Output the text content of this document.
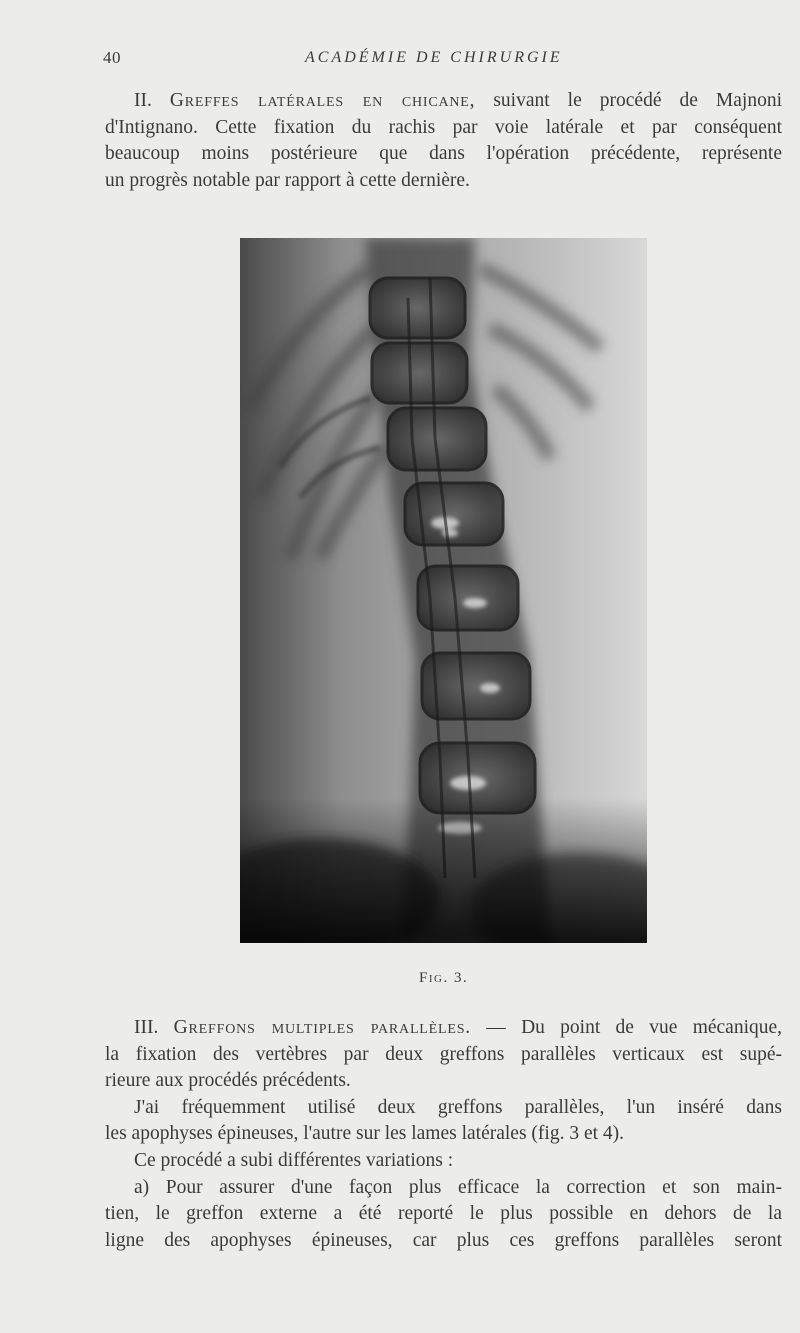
40	ACADÉMIE DE CHIRURGIE
II. Greffes latérales en chicane, suivant le procédé de Majnoni
d'Intignano. Cette fixation du rachis par voie latérale et par conséquent
beaucoup moins postérieure que dans l'opération précédente, représente
un progrès notable par rapport à cette dernière.
Fig. 3.
III. Greffons multiples parallèles. — Du point de vue mécanique,
la fixation des vertèbres par deux greffons parallèles verticaux est supé-
rieure aux procédés précédents.
J'ai fréquemment utilisé deux greffons parallèles, l'un inséré dans
les apophyses épineuses, l'autre sur les lames latérales (fig. 3 et 4).
Ce procédé a subi différentes variations :
a) Pour assurer d'une façon plus efficace la correction et son main-
tien, le greffon externe a été reporté le plus possible en dehors de la
ligne des apophyses épineuses, car plus ces greffons parallèles seront
